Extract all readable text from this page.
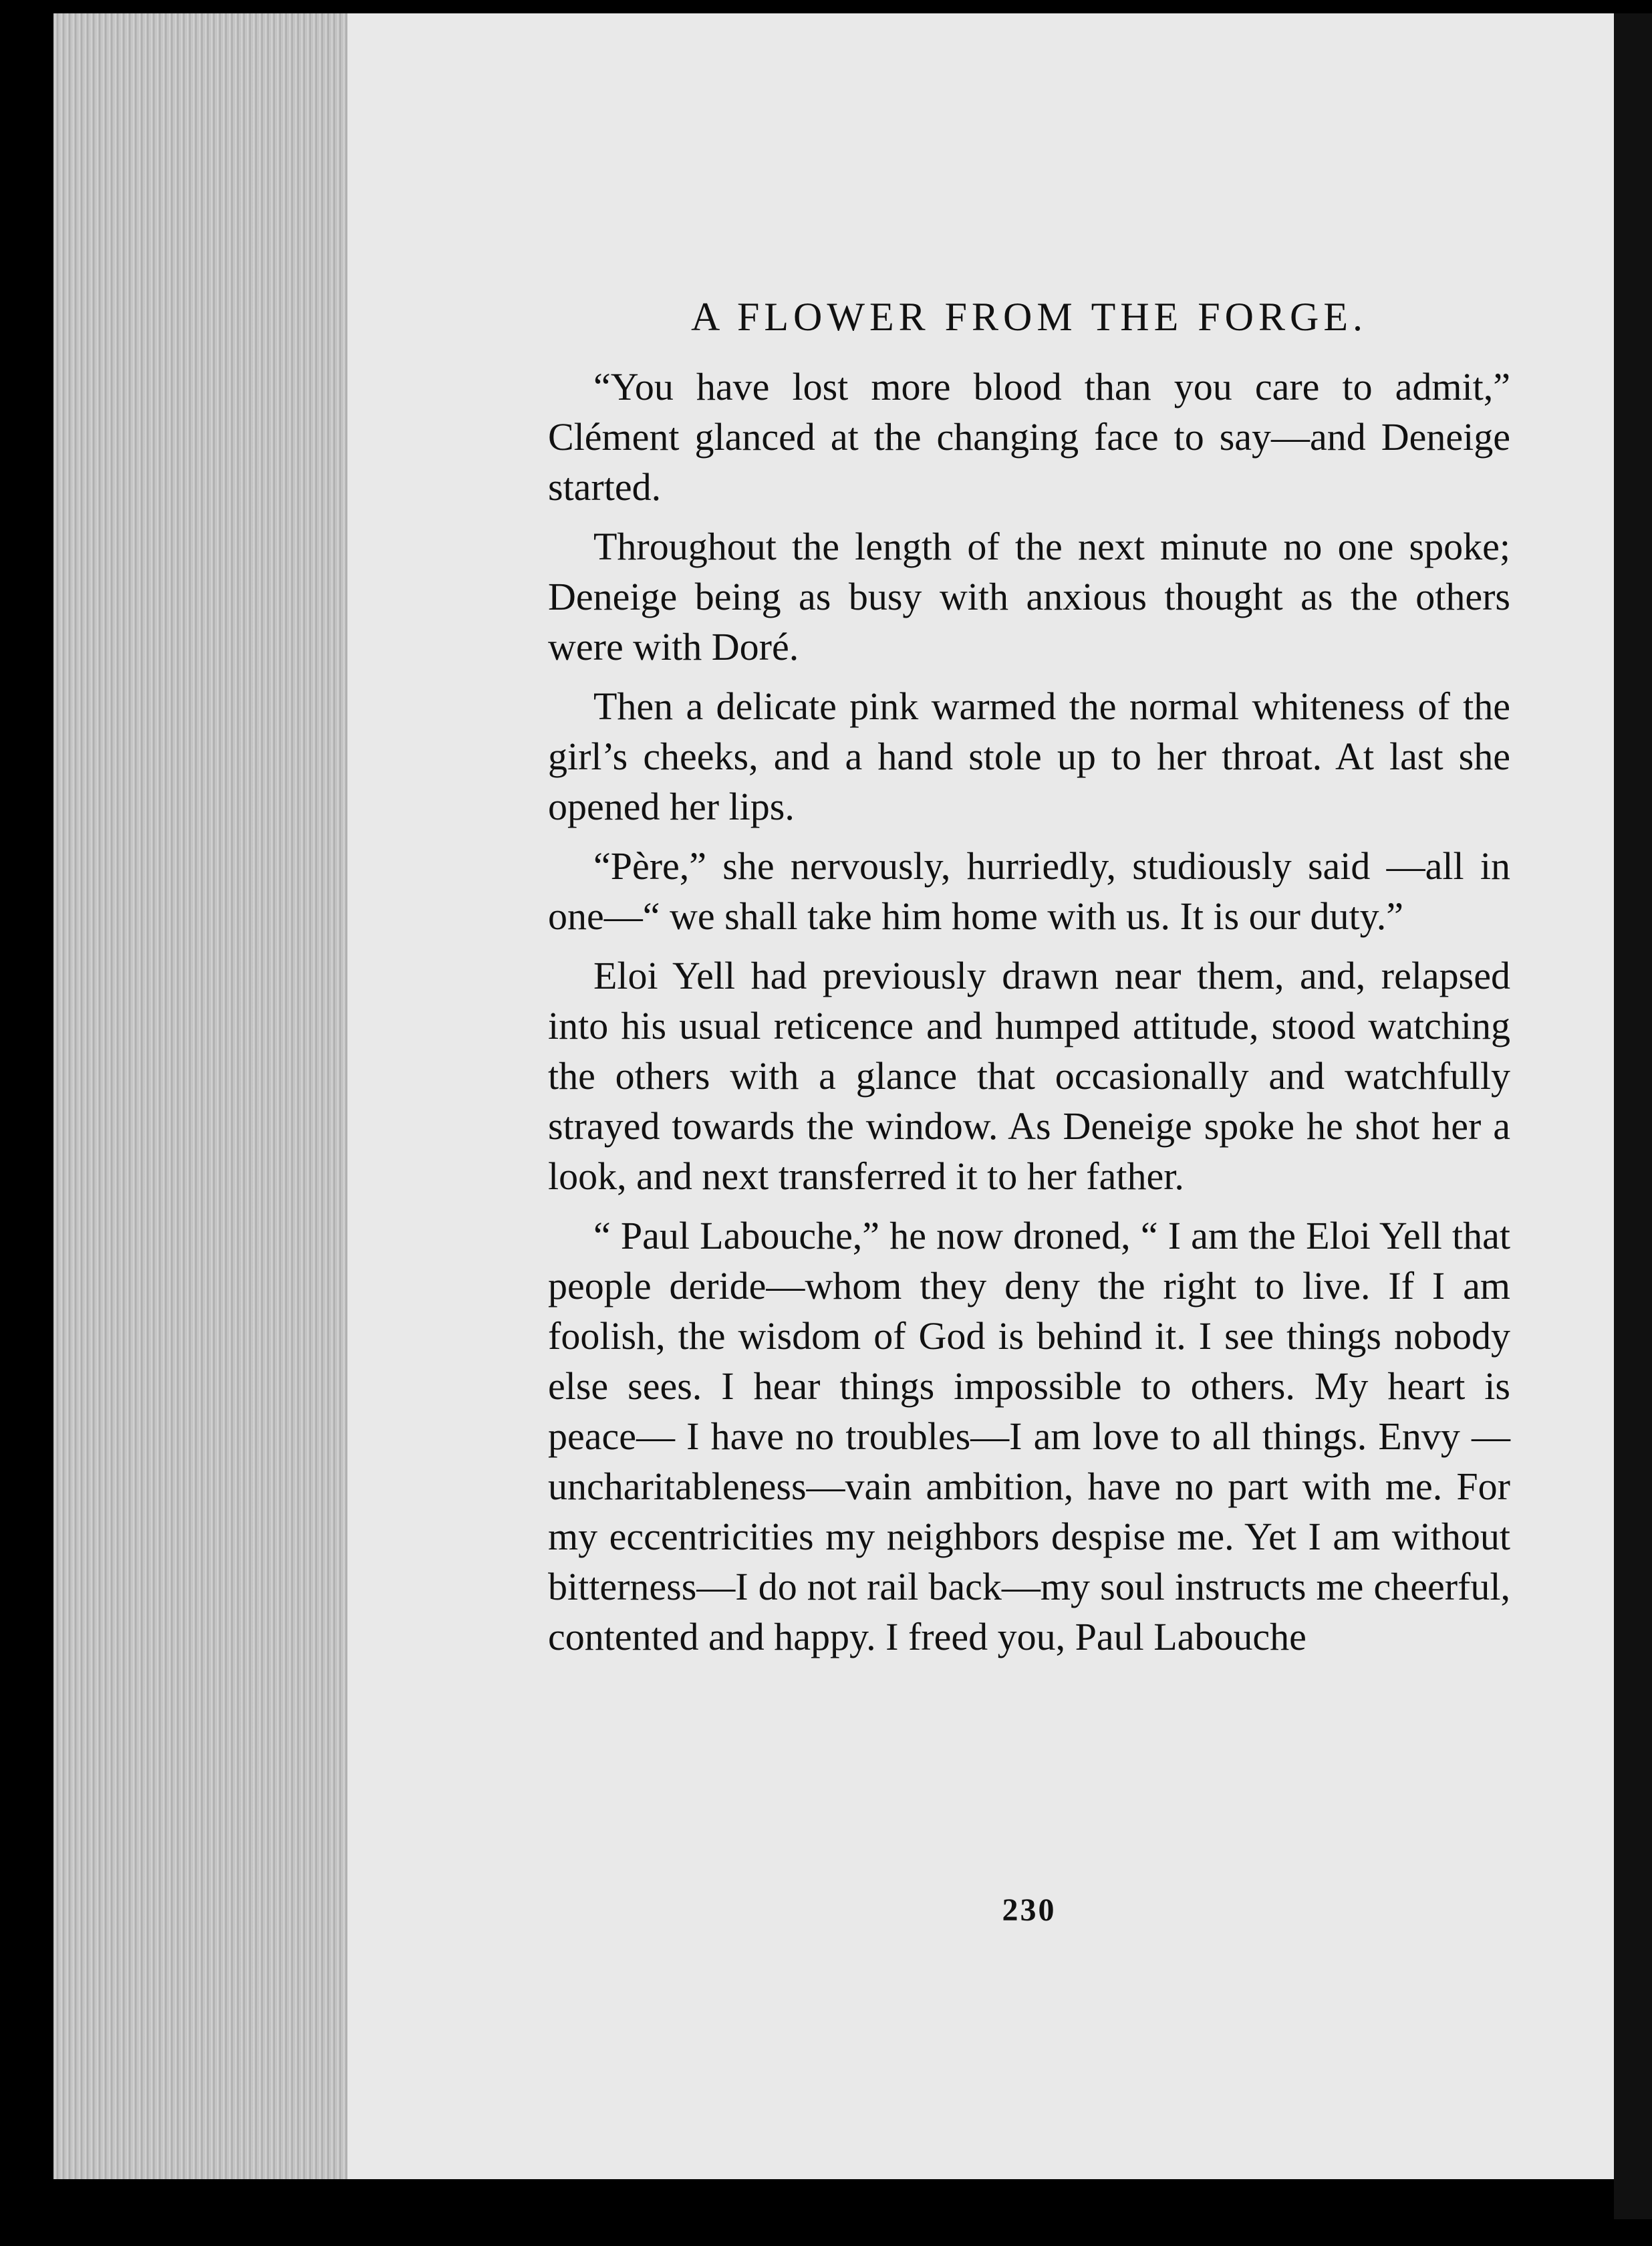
A FLOWER FROM THE FORGE.

“You have lost more blood than you care to admit,” Clément glanced at the changing face to say—and Deneige started.

Throughout the length of the next minute no one spoke; Deneige being as busy with anxious thought as the others were with Doré.

Then a delicate pink warmed the normal whiteness of the girl’s cheeks, and a hand stole up to her throat. At last she opened her lips.

“Père,” she nervously, hurriedly, studiously said —all in one—“ we shall take him home with us. It is our duty.”

Eloi Yell had previously drawn near them, and, relapsed into his usual reticence and humped attitude, stood watching the others with a glance that occasionally and watchfully strayed towards the window. As Deneige spoke he shot her a look, and next transferred it to her father.

“ Paul Labouche,” he now droned, “ I am the Eloi Yell that people deride—whom they deny the right to live. If I am foolish, the wisdom of God is behind it. I see things nobody else sees. I hear things impossible to others. My heart is peace— I have no troubles—I am love to all things. Envy —uncharitableness—vain ambition, have no part with me. For my eccentricities my neighbors despise me. Yet I am without bitterness—I do not rail back—my soul instructs me cheerful, contented and happy. I freed you, Paul Labouche

230
